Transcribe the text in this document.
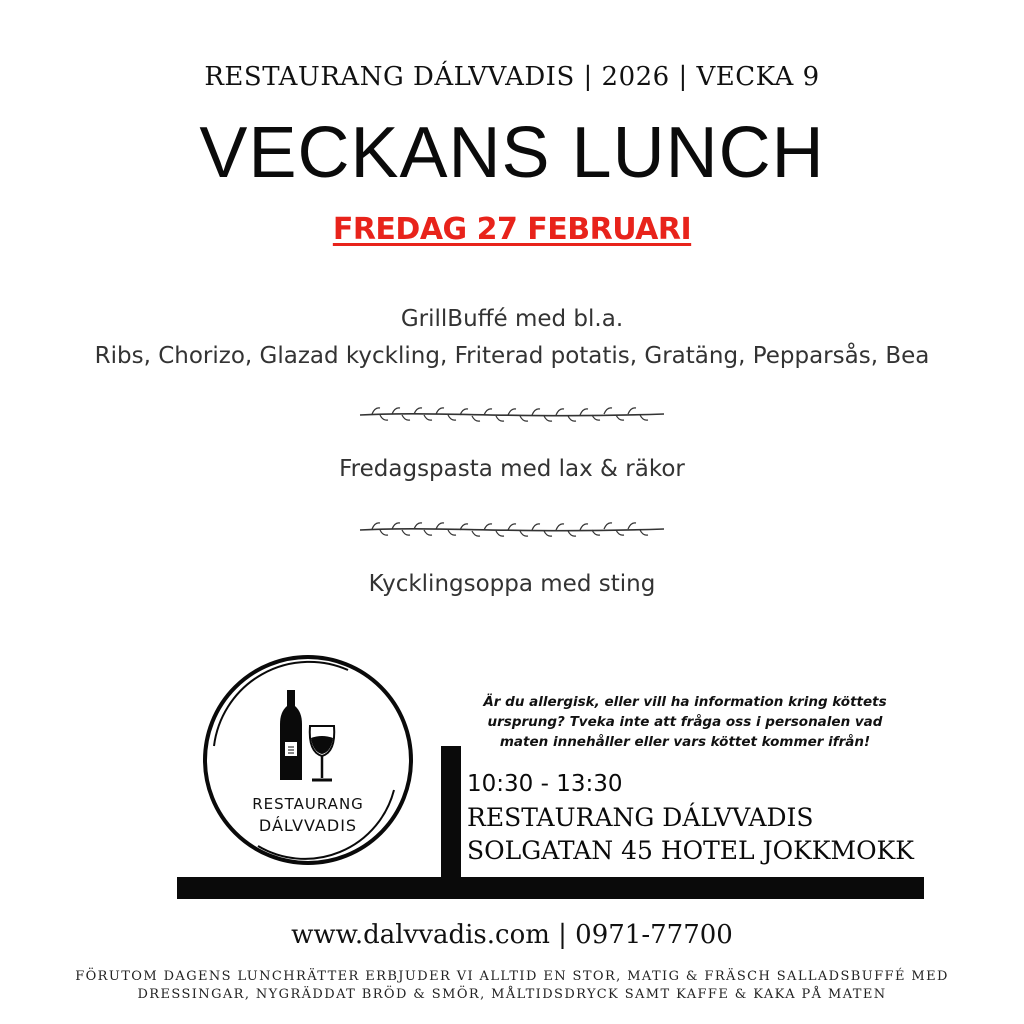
RESTAURANG DÁLVVADIS | 2026 | VECKA 9
VECKANS LUNCH
FREDAG 27 FEBRUARI
GrillBuffé med bl.a.
Ribs, Chorizo, Glazad kyckling, Friterad potatis, Gratäng, Pepparsås, Bea
Fredagspasta med lax & räkor
Kycklingsoppa med sting
RESTAURANG
DÁLVVADIS
Är du allergisk, eller vill ha information kring köttets ursprung? Tveka inte att fråga oss i personalen vad maten innehåller eller vars köttet kommer ifrån!
10:30 - 13:30
RESTAURANG DÁLVVADIS
SOLGATAN 45 HOTEL JOKKMOKK
www.dalvvadis.com | 0971-77700
FÖRUTOM DAGENS LUNCHRÄTTER ERBJUDER VI ALLTID EN STOR, MATIG & FRÄSCH SALLADSBUFFÉ MED
DRESSINGAR, NYGRÄDDAT BRÖD & SMÖR, MÅLTIDSDRYCK SAMT KAFFE & KAKA PÅ MATEN
